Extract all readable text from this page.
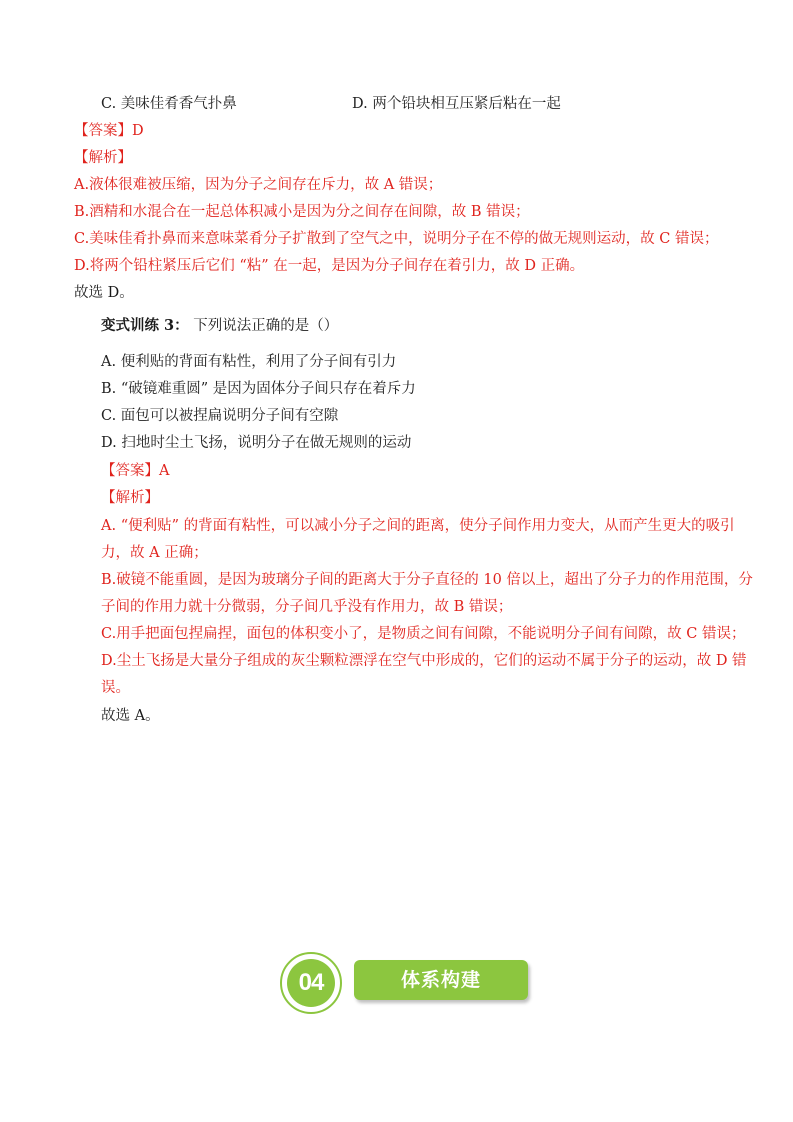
C. 美味佳肴香气扑鼻	D. 两个铅块相互压紧后粘在一起
【答案】D
【解析】
A.液体很难被压缩，因为分子之间存在斥力，故 A 错误；
B.酒精和水混合在一起总体积减小是因为分之间存在间隙，故 B 错误；
C.美味佳肴扑鼻而来意味菜肴分子扩散到了空气之中，说明分子在不停的做无规则运动，故 C 错误；
D.将两个铅柱紧压后它们 “粘” 在一起，是因为分子间存在着引力，故 D 正确。
故选 D。
变式训练 3： 下列说法正确的是（）
A. 便利贴的背面有粘性，利用了分子间有引力
B. “破镜难重圆” 是因为固体分子间只存在着斥力
C. 面包可以被捏扁说明分子间有空隙
D. 扫地时尘土飞扬，说明分子在做无规则的运动
【答案】A
【解析】
A. “便利贴” 的背面有粘性，可以减小分子之间的距离，使分子间作用力变大，从而产生更大的吸引
力，故 A 正确；
B.破镜不能重圆，是因为玻璃分子间的距离大于分子直径的 10 倍以上，超出了分子力的作用范围，分
子间的作用力就十分微弱，分子间几乎没有作用力，故 B 错误；
C.用手把面包捏扁捏，面包的体积变小了，是物质之间有间隙，不能说明分子间有间隙，故 C 错误；
D.尘土飞扬是大量分子组成的灰尘颗粒漂浮在空气中形成的，它们的运动不属于分子的运动，故 D 错
误。
故选 A。
04	体系构建
